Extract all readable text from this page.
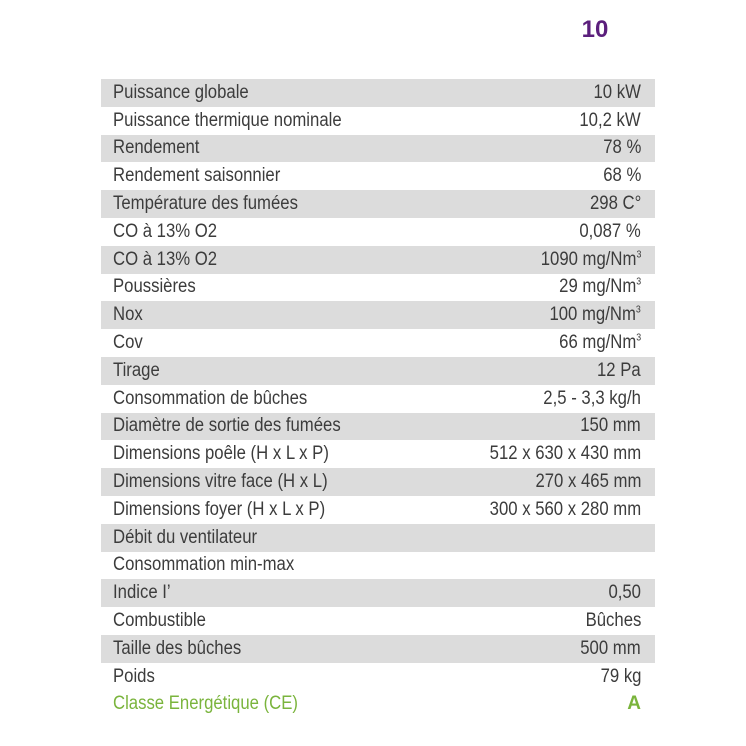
10
Puissance globale	10 kW
Puissance thermique nominale	10,2 kW
Rendement	78 %
Rendement saisonnier	68 %
Température des fumées	298 C°
CO à 13% O2	0,087 %
CO à 13% O2	1090 mg/Nm$^3$
Poussières	29 mg/Nm$^3$
Nox	100 mg/Nm$^3$
Cov	66 mg/Nm$^3$
Tirage	12 Pa
Consommation de bûches	2,5 - 3,3 kg/h
Diamètre de sortie des fumées	150 mm
Dimensions poêle (H x L x P)	512 x 630 x 430 mm
Dimensions vitre face (H x L)	270 x 465 mm
Dimensions foyer (H x L x P)	300 x 560 x 280 mm
Débit du ventilateur
Consommation min-max
Indice I’	0,50
Combustible	Bûches
Taille des bûches	500 mm
Poids	79 kg
Classe Energétique (CE)	A
